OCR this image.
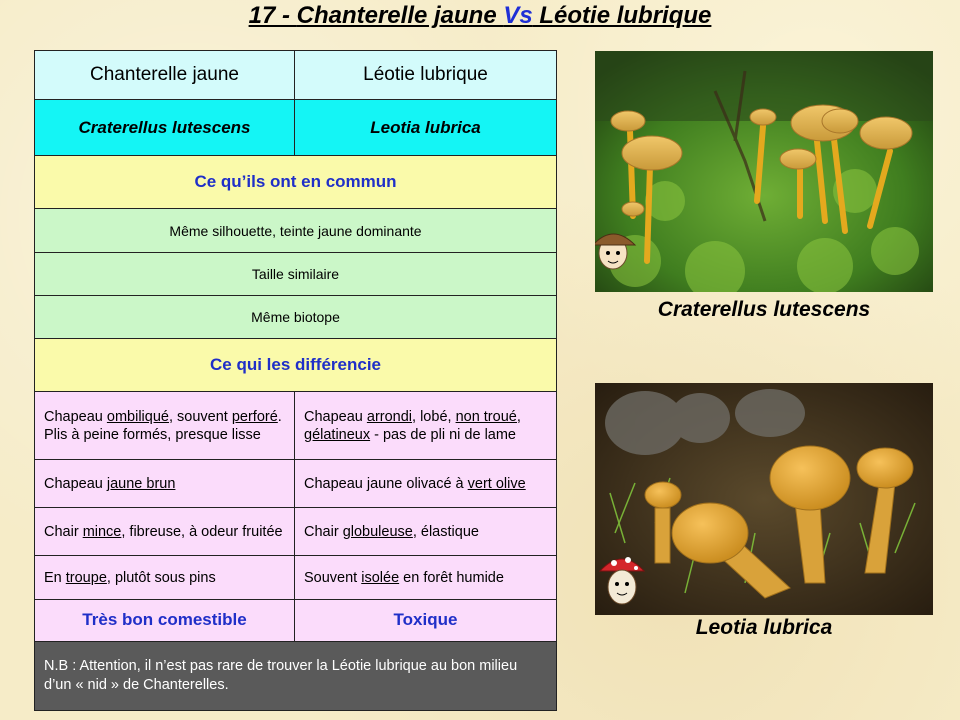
17 - Chanterelle jaune Vs Léotie lubrique
Chanterelle jaune	Léotie lubrique
Craterellus lutescens	Leotia lubrica
Ce qu’ils ont en commun	
Même silhouette, teinte jaune dominante	
Taille similaire	
Même biotope	
Ce qui les différencie	
Chapeau ombiliqué, souvent perforé. Plis à peine formés, presque lisse	Chapeau arrondi, lobé, non troué, gélatineux - pas de pli ni de lame
Chapeau jaune brun	Chapeau jaune olivacé à vert olive
Chair mince, fibreuse, à odeur fruitée	Chair globuleuse, élastique
En troupe, plutôt sous pins	Souvent isolée en forêt humide
Très bon comestible	Toxique
N.B : Attention, il n’est pas rare de trouver la Léotie lubrique au bon milieu d’un « nid » de Chanterelles.	
Craterellus lutescens
Leotia lubrica
